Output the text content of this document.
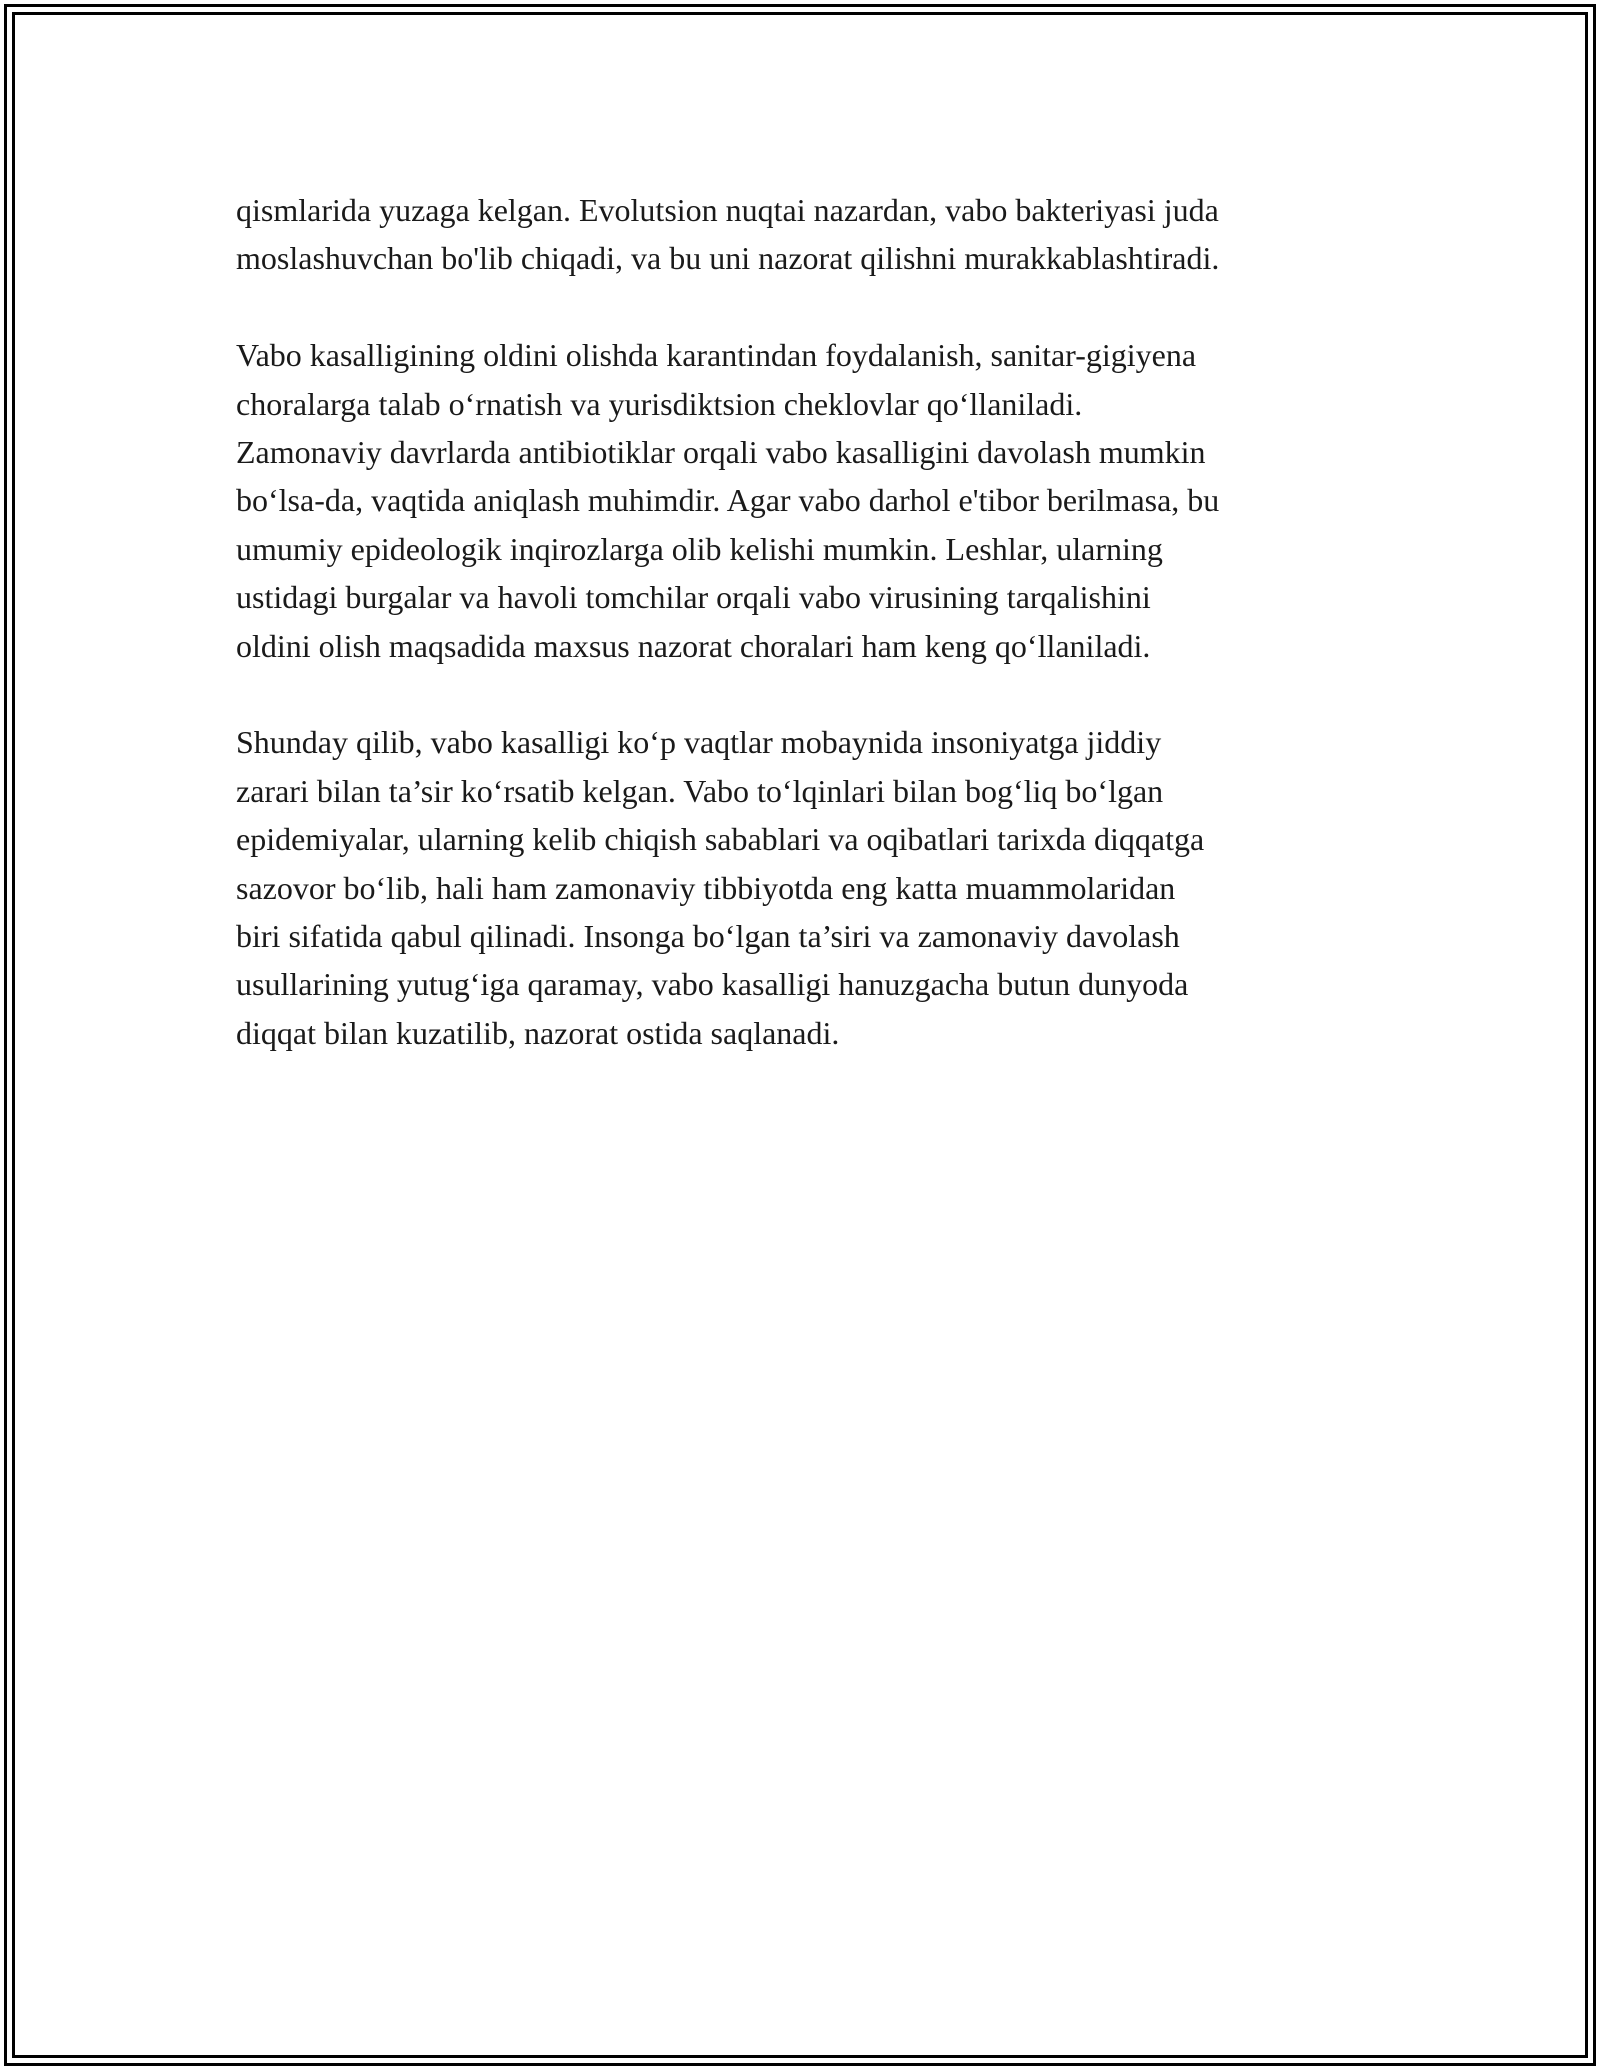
qismlarida yuzaga kelgan. Evolutsion nuqtai nazardan, vabo bakteriyasi juda
moslashuvchan bo'lib chiqadi, va bu uni nazorat qilishni murakkablashtiradi.

Vabo kasalligining oldini olishda karantindan foydalanish, sanitar-gigiyena
choralarga talab o‘rnatish va yurisdiktsion cheklovlar qo‘llaniladi.
Zamonaviy davrlarda antibiotiklar orqali vabo kasalligini davolash mumkin
bo‘lsa-da, vaqtida aniqlash muhimdir. Agar vabo darhol e'tibor berilmasa, bu
umumiy epideologik inqirozlarga olib kelishi mumkin. Leshlar, ularning
ustidagi burgalar va havoli tomchilar orqali vabo virusining tarqalishini
oldini olish maqsadida maxsus nazorat choralari ham keng qo‘llaniladi.

Shunday qilib, vabo kasalligi ko‘p vaqtlar mobaynida insoniyatga jiddiy
zarari bilan ta’sir ko‘rsatib kelgan. Vabo to‘lqinlari bilan bog‘liq bo‘lgan
epidemiyalar, ularning kelib chiqish sabablari va oqibatlari tarixda diqqatga
sazovor bo‘lib, hali ham zamonaviy tibbiyotda eng katta muammolaridan
biri sifatida qabul qilinadi. Insonga bo‘lgan ta’siri va zamonaviy davolash
usullarining yutug‘iga qaramay, vabo kasalligi hanuzgacha butun dunyoda
diqqat bilan kuzatilib, nazorat ostida saqlanadi.
